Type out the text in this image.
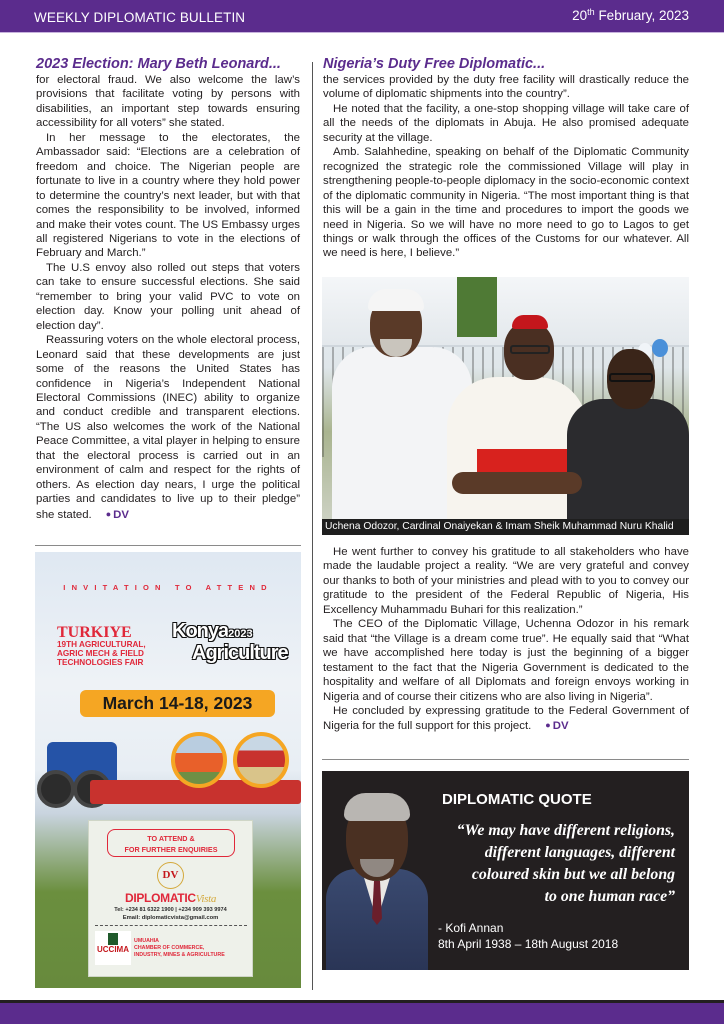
WEEKLY DIPLOMATIC BULLETIN	20th February, 2023
2023 Election: Mary Beth Leonard...

for electoral fraud. We also welcome the law’s provisions that facilitate voting by persons with disabilities, an important step towards ensuring accessibility for all voters” she stated.

In her message to the electorates, the Ambassador said: “Elections are a celebration of freedom and choice. The Nigerian people are fortunate to live in a country where they hold power to determine the country’s next leader, but with that comes the responsibility to be involved, informed and make their votes count. The US Embassy urges all registered Nigerians to vote in the elections of February and March.”

The U.S envoy also rolled out steps that voters can take to ensure successful elections. She said “remember to bring your valid PVC to vote on election day. Know your polling unit ahead of election day”.

Reassuring voters on the whole electoral process, Leonard said that these developments are just some of the reasons the United States has confidence in Nigeria’s Independent National Electoral Commissions (INEC) ability to organize and conduct credible and transparent elections. “The US also welcomes the work of the National Peace Committee, a vital player in helping to ensure that the electoral process is carried out in an environment of calm and respect for the rights of others. As election day nears, I urge the political parties and candidates to live up to their pledge” she stated. ● DV

INVITATION TO ATTEND
TURKIYE
19TH AGRICULTURAL,
AGRIC MECH & FIELD
TECHNOLOGIES FAIR
Konya2023
Agriculture
March 14-18, 2023
TO ATTEND &
FOR FURTHER ENQUIRIES
DV
DIPLOMATICVista
Tel: +234 81 6322 1900 | +234 909 393 9974
Email: diplomaticvista@gmail.com
UCCIMA
UMUAHIA
CHAMBER OF COMMERCE,
INDUSTRY, MINES & AGRICULTURE
Nigeria’s Duty Free Diplomatic...

the services provided by the duty free facility will drastically reduce the volume of diplomatic shipments into the country”.

He noted that the facility, a one-stop shopping village will take care of all the needs of the diplomats in Abuja. He also promised adequate security at the village.

Amb. Salahhedine, speaking on behalf of the Diplomatic Community recognized the strategic role the commissioned Village will play in strengthening people-to-people diplomacy in the socio-economic context of the diplomatic community in Nigeria. “The most important thing is that this will be a gain in the time and procedures to import the goods we need in Nigeria. So we will have no more need to go to Lagos to get things or walk through the offices of the Customs for our whatever. All we need is here, I believe.”

Uchena Odozor, Cardinal Onaiyekan & Imam Sheik Muhammad Nuru Khalid

He went further to convey his gratitude to all stakeholders who have made the laudable project a reality. “We are very grateful and convey our thanks to both of your ministries and plead with to you to convey our gratitude to the president of the Federal Republic of Nigeria, His Excellency Muhammadu Buhari for this realization.”

The CEO of the Diplomatic Village, Uchenna Odozor in his remark said that “the Village is a dream come true”. He equally said that “What we have accomplished here today is just the beginning of a bigger testament to the fact that the Nigeria Government is dedicated to the hospitality and welfare of all Diplomats and foreign envoys working in Nigeria and of course their citizens who are also living in Nigeria”.

He concluded by expressing gratitude to the Federal Government of Nigeria for the full support for this project. ● DV

DIPLOMATIC QUOTE
“We may have different religions,
different languages, different
coloured skin but we all belong
to one human race”
- Kofi Annan
8th April 1938 – 18th August 2018
